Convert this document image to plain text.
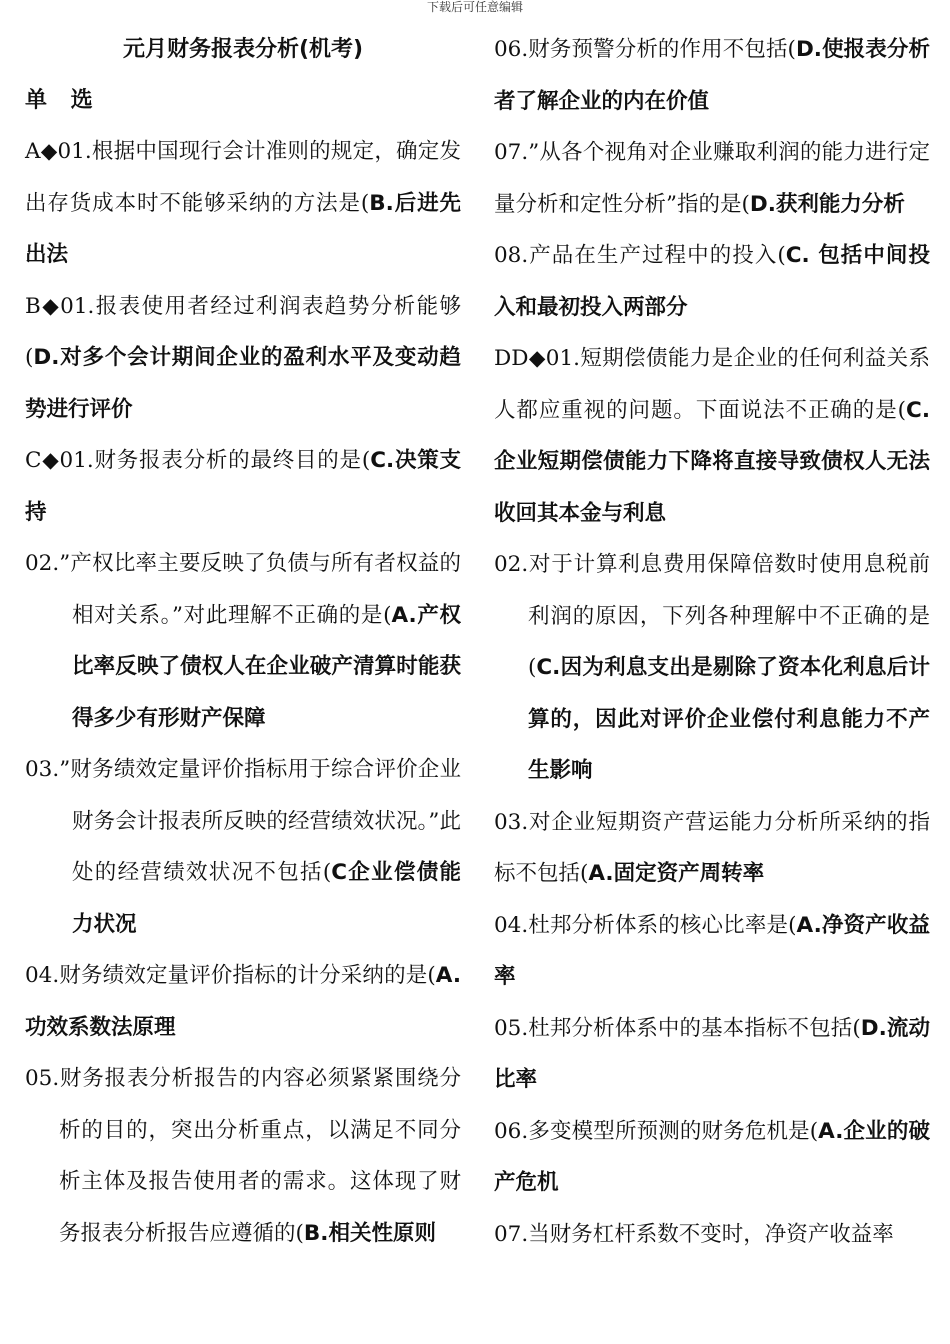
下载后可任意编辑
元月财务报表分析(机考)
单 选

A◆01.根据中国现行会计准则的规定，确定发出存货成本时不能够采纳的方法是(B.后进先出法

B◆01.报表使用者经过利润表趋势分析能够(D.对多个会计期间企业的盈利水平及变动趋势进行评价

C◆01.财务报表分析的最终目的是(C.决策支持

02.”产权比率主要反映了负债与所有者权益的相对关系。”对此理解不正确的是(A.产权比率反映了债权人在企业破产清算时能获得多少有形财产保障

03.”财务绩效定量评价指标用于综合评价企业财务会计报表所反映的经营绩效状况。”此处的经营绩效状况不包括(C企业偿债能力状况

04.财务绩效定量评价指标的计分采纳的是(A.功效系数法原理

05.财务报表分析报告的内容必须紧紧围绕分析的目的，突出分析重点，以满足不同分析主体及报告使用者的需求。这体现了财务报表分析报告应遵循的(B.相关性原则

06.财务预警分析的作用不包括(D.使报表分析者了解企业的内在价值

07.”从各个视角对企业赚取利润的能力进行定量分析和定性分析”指的是(D.获利能力分析

08.产品在生产过程中的投入(C. 包括中间投入和最初投入两部分

DD◆01.短期偿债能力是企业的任何利益关系人都应重视的问题。下面说法不正确的是(C.企业短期偿债能力下降将直接导致债权人无法收回其本金与利息

02.对于计算利息费用保障倍数时使用息税前利润的原因，下列各种理解中不正确的是(C.因为利息支出是剔除了资本化利息后计算的，因此对评价企业偿付利息能力不产生影响

03.对企业短期资产营运能力分析所采纳的指标不包括(A.固定资产周转率

04.杜邦分析体系的核心比率是(A.净资产收益率

05.杜邦分析体系中的基本指标不包括(D.流动比率

06.多变模型所预测的财务危机是(A.企业的破产危机

07.当财务杠杆系数不变时，净资产收益率
